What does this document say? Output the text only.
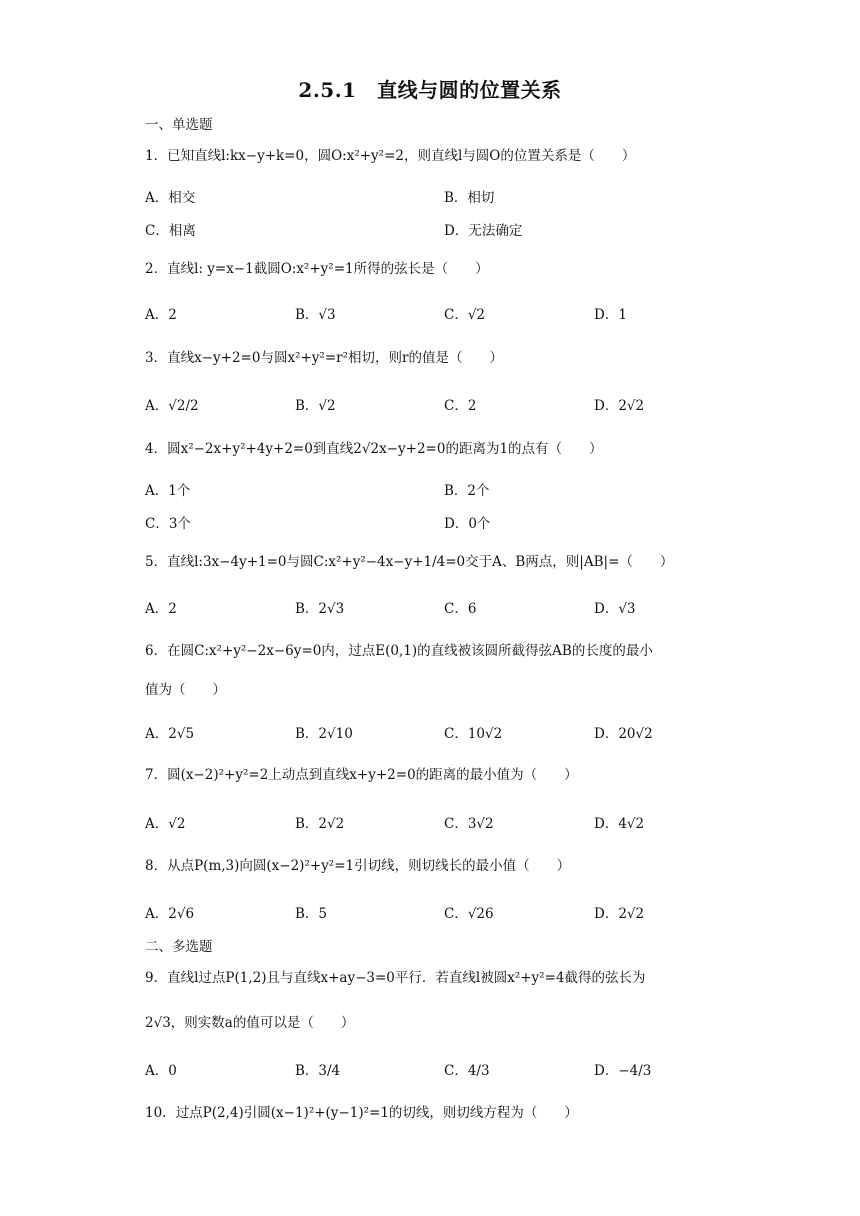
2.5.1　直线与圆的位置关系
一、单选题
1．已知直线l:kx−y+k=0，圆O:x²+y²=2，则直线l与圆O的位置关系是（　　）
A．相交	B．相切
C．相离	D．无法确定
2．直线l: y=x−1截圆O:x²+y²=1所得的弦长是（　　）
A．2	B．√3	C．√2	D．1
3．直线x−y+2=0与圆x²+y²=r²相切，则r的值是（　　）
A．√2/2	B．√2	C．2	D．2√2
4．圆x²−2x+y²+4y+2=0到直线2√2x−y+2=0的距离为1的点有（　　）
A．1个	B．2个
C．3个	D．0个
5．直线l:3x−4y+1=0与圆C:x²+y²−4x−y+1/4=0交于A、B两点，则|AB|=（　　）
A．2	B．2√3	C．6	D．√3
6．在圆C:x²+y²−2x−6y=0内，过点E(0,1)的直线被该圆所截得弦AB的长度的最小
值为（　　）
A．2√5	B．2√10	C．10√2	D．20√2
7．圆(x−2)²+y²=2上动点到直线x+y+2=0的距离的最小值为（　　）
A．√2	B．2√2	C．3√2	D．4√2
8．从点P(m,3)向圆(x−2)²+y²=1引切线，则切线长的最小值（　　）
A．2√6	B．5	C．√26	D．2√2
二、多选题
9．直线l过点P(1,2)且与直线x+ay−3=0平行．若直线l被圆x²+y²=4截得的弦长为
2√3，则实数a的值可以是（　　）
A．0	B．3/4	C．4/3	D．−4/3
10．过点P(2,4)引圆(x−1)²+(y−1)²=1的切线，则切线方程为（　　）
